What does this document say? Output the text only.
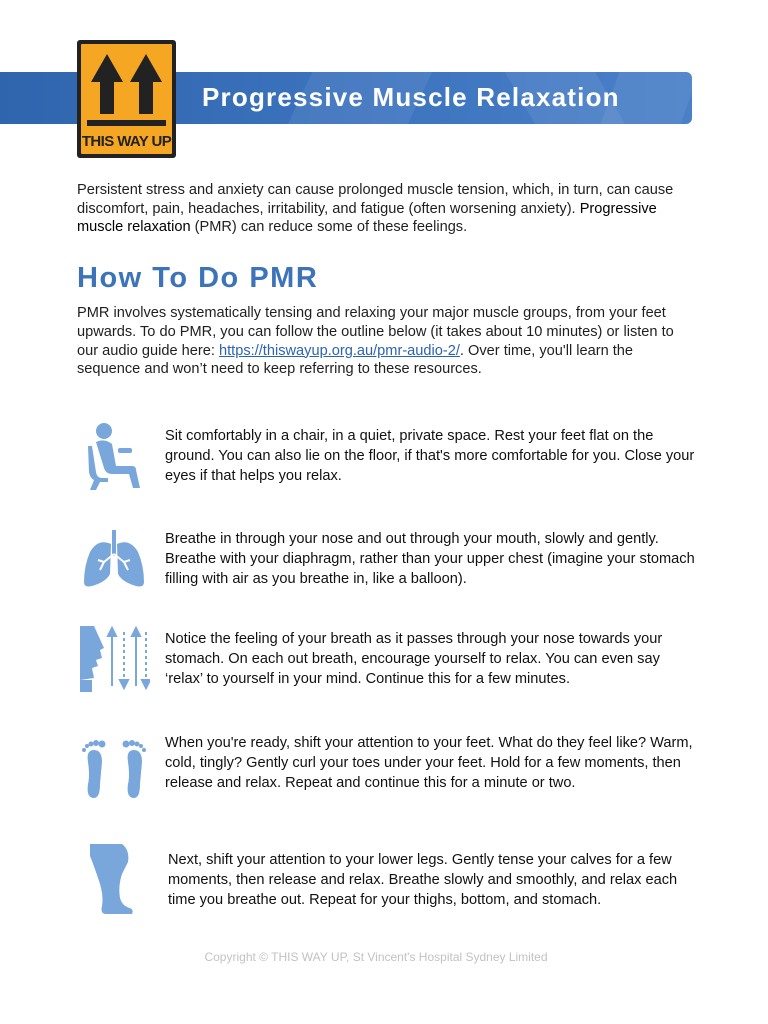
Progressive Muscle Relaxation
THIS WAY UP
Persistent stress and anxiety can cause prolonged muscle tension, which, in turn, can cause discomfort, pain, headaches, irritability, and fatigue (often worsening anxiety). Progressive muscle relaxation (PMR) can reduce some of these feelings.
How To Do PMR
PMR involves systematically tensing and relaxing your major muscle groups, from your feet upwards. To do PMR, you can follow the outline below (it takes about 10 minutes) or listen to our audio guide here: https://thiswayup.org.au/pmr-audio-2/. Over time, you'll learn the sequence and won’t need to keep referring to these resources.
Sit comfortably in a chair, in a quiet, private space. Rest your feet flat on the ground. You can also lie on the floor, if that's more comfortable for you. Close your eyes if that helps you relax.
Breathe in through your nose and out through your mouth, slowly and gently. Breathe with your diaphragm, rather than your upper chest (imagine your stomach filling with air as you breathe in, like a balloon).
Notice the feeling of your breath as it passes through your nose towards your stomach. On each out breath, encourage yourself to relax. You can even say ‘relax’ to yourself in your mind. Continue this for a few minutes.
When you're ready, shift your attention to your feet. What do they feel like? Warm, cold, tingly? Gently curl your toes under your feet. Hold for a few moments, then release and relax. Repeat and continue this for a minute or two.
Next, shift your attention to your lower legs. Gently tense your calves for a few moments, then release and relax. Breathe slowly and smoothly, and relax each time you breathe out. Repeat for your thighs, bottom, and stomach.
Copyright © THIS WAY UP, St Vincent's Hospital Sydney Limited
